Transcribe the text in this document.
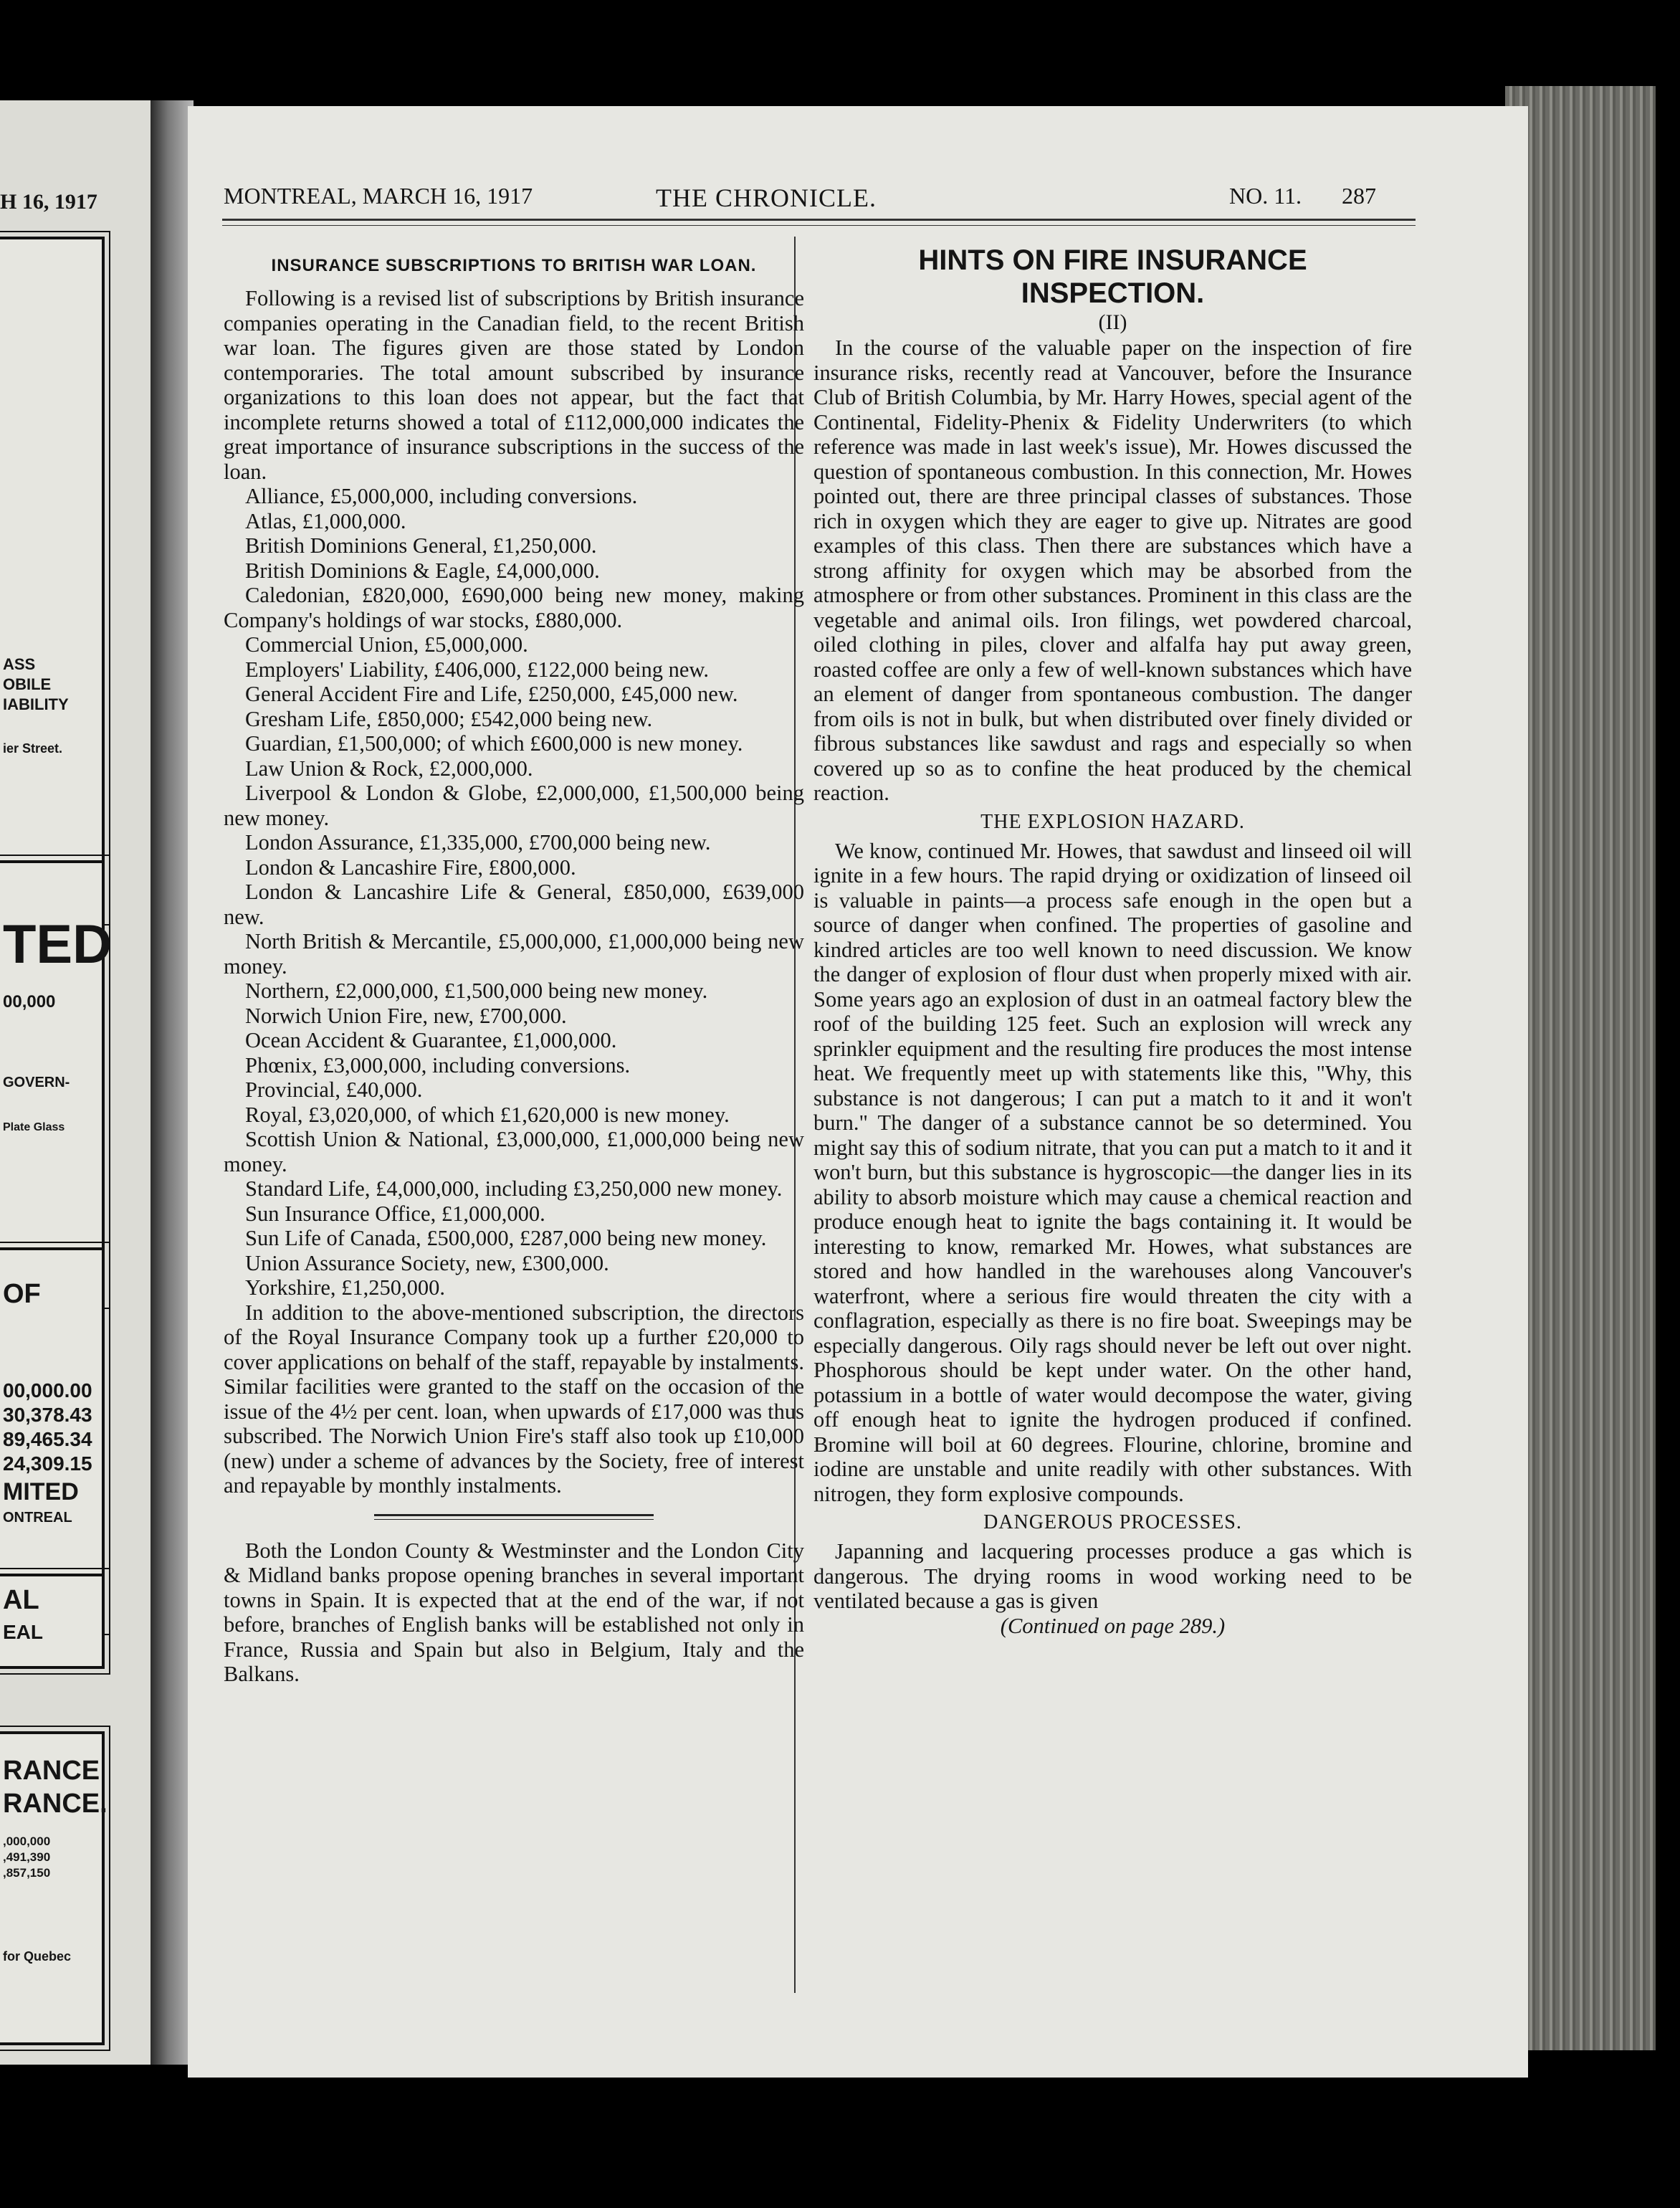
H 16, 1917
ASS
OBILE
IABILITY
ier Street.
TED
00,000
GOVERN-
Plate Glass
OF
00,000.00
30,378.43
89,465.34
24,309.15
MITED
ONTREAL
AL
EAL
RANCE
RANCE.
,000,000
,491,390
,857,150
for Quebec
MONTREAL, MARCH 16, 1917	THE CHRONICLE.	NO. 11. 287
INSURANCE SUBSCRIPTIONS TO BRITISH WAR LOAN.

Following is a revised list of subscriptions by British insurance companies operating in the Canadian field, to the recent British war loan. The figures given are those stated by London contemporaries. The total amount subscribed by insurance organizations to this loan does not appear, but the fact that incomplete returns showed a total of £112,000,000 indicates the great importance of insurance subscriptions in the success of the loan.

Alliance, £5,000,000, including conversions.

Atlas, £1,000,000.

British Dominions General, £1,250,000.

British Dominions & Eagle, £4,000,000.

Caledonian, £820,000, £690,000 being new money, making Company's holdings of war stocks, £880,000.

Commercial Union, £5,000,000.

Employers' Liability, £406,000, £122,000 being new.

General Accident Fire and Life, £250,000, £45,000 new.

Gresham Life, £850,000; £542,000 being new.

Guardian, £1,500,000; of which £600,000 is new money.

Law Union & Rock, £2,000,000.

Liverpool & London & Globe, £2,000,000, £1,500,000 being new money.

London Assurance, £1,335,000, £700,000 being new.

London & Lancashire Fire, £800,000.

London & Lancashire Life & General, £850,000, £639,000 new.

North British & Mercantile, £5,000,000, £1,000,000 being new money.

Northern, £2,000,000, £1,500,000 being new money.

Norwich Union Fire, new, £700,000.

Ocean Accident & Guarantee, £1,000,000.

Phœnix, £3,000,000, including conversions.

Provincial, £40,000.

Royal, £3,020,000, of which £1,620,000 is new money.

Scottish Union & National, £3,000,000, £1,000,000 being new money.

Standard Life, £4,000,000, including £3,250,000 new money.

Sun Insurance Office, £1,000,000.

Sun Life of Canada, £500,000, £287,000 being new money.

Union Assurance Society, new, £300,000.

Yorkshire, £1,250,000.

In addition to the above-mentioned subscription, the directors of the Royal Insurance Company took up a further £20,000 to cover applications on behalf of the staff, repayable by instalments. Similar facilities were granted to the staff on the occasion of the issue of the 4½ per cent. loan, when upwards of £17,000 was thus subscribed. The Norwich Union Fire's staff also took up £10,000 (new) under a scheme of advances by the Society, free of interest and repayable by monthly instalments.

Both the London County & Westminster and the London City & Midland banks propose opening branches in several important towns in Spain. It is expected that at the end of the war, if not before, branches of English banks will be established not only in France, Russia and Spain but also in Belgium, Italy and the Balkans.

HINTS ON FIRE INSURANCE INSPECTION.
(II)

In the course of the valuable paper on the inspection of fire insurance risks, recently read at Vancouver, before the Insurance Club of British Columbia, by Mr. Harry Howes, special agent of the Continental, Fidelity-Phenix & Fidelity Underwriters (to which reference was made in last week's issue), Mr. Howes discussed the question of spontaneous combustion. In this connection, Mr. Howes pointed out, there are three principal classes of substances. Those rich in oxygen which they are eager to give up. Nitrates are good examples of this class. Then there are substances which have a strong affinity for oxygen which may be absorbed from the atmosphere or from other substances. Prominent in this class are the vegetable and animal oils. Iron filings, wet powdered charcoal, oiled clothing in piles, clover and alfalfa hay put away green, roasted coffee are only a few of well-known substances which have an element of danger from spontaneous combustion. The danger from oils is not in bulk, but when distributed over finely divided or fibrous substances like sawdust and rags and especially so when covered up so as to confine the heat produced by the chemical reaction.

THE EXPLOSION HAZARD.

We know, continued Mr. Howes, that sawdust and linseed oil will ignite in a few hours. The rapid drying or oxidization of linseed oil is valuable in paints—a process safe enough in the open but a source of danger when confined. The properties of gasoline and kindred articles are too well known to need discussion. We know the danger of explosion of flour dust when properly mixed with air. Some years ago an explosion of dust in an oatmeal factory blew the roof of the building 125 feet. Such an explosion will wreck any sprinkler equipment and the resulting fire produces the most intense heat. We frequently meet up with statements like this, "Why, this substance is not dangerous; I can put a match to it and it won't burn." The danger of a substance cannot be so determined. You might say this of sodium nitrate, that you can put a match to it and it won't burn, but this substance is hygroscopic—the danger lies in its ability to absorb moisture which may cause a chemical reaction and produce enough heat to ignite the bags containing it. It would be interesting to know, remarked Mr. Howes, what substances are stored and how handled in the warehouses along Vancouver's waterfront, where a serious fire would threaten the city with a conflagration, especially as there is no fire boat. Sweepings may be especially dangerous. Oily rags should never be left out over night. Phosphorous should be kept under water. On the other hand, potassium in a bottle of water would decompose the water, giving off enough heat to ignite the hydrogen produced if confined. Bromine will boil at 60 degrees. Flourine, chlorine, bromine and iodine are unstable and unite readily with other substances. With nitrogen, they form explosive compounds.

DANGEROUS PROCESSES.

Japanning and lacquering processes produce a gas which is dangerous. The drying rooms in wood working need to be ventilated because a gas is given

(Continued on page 289.)
